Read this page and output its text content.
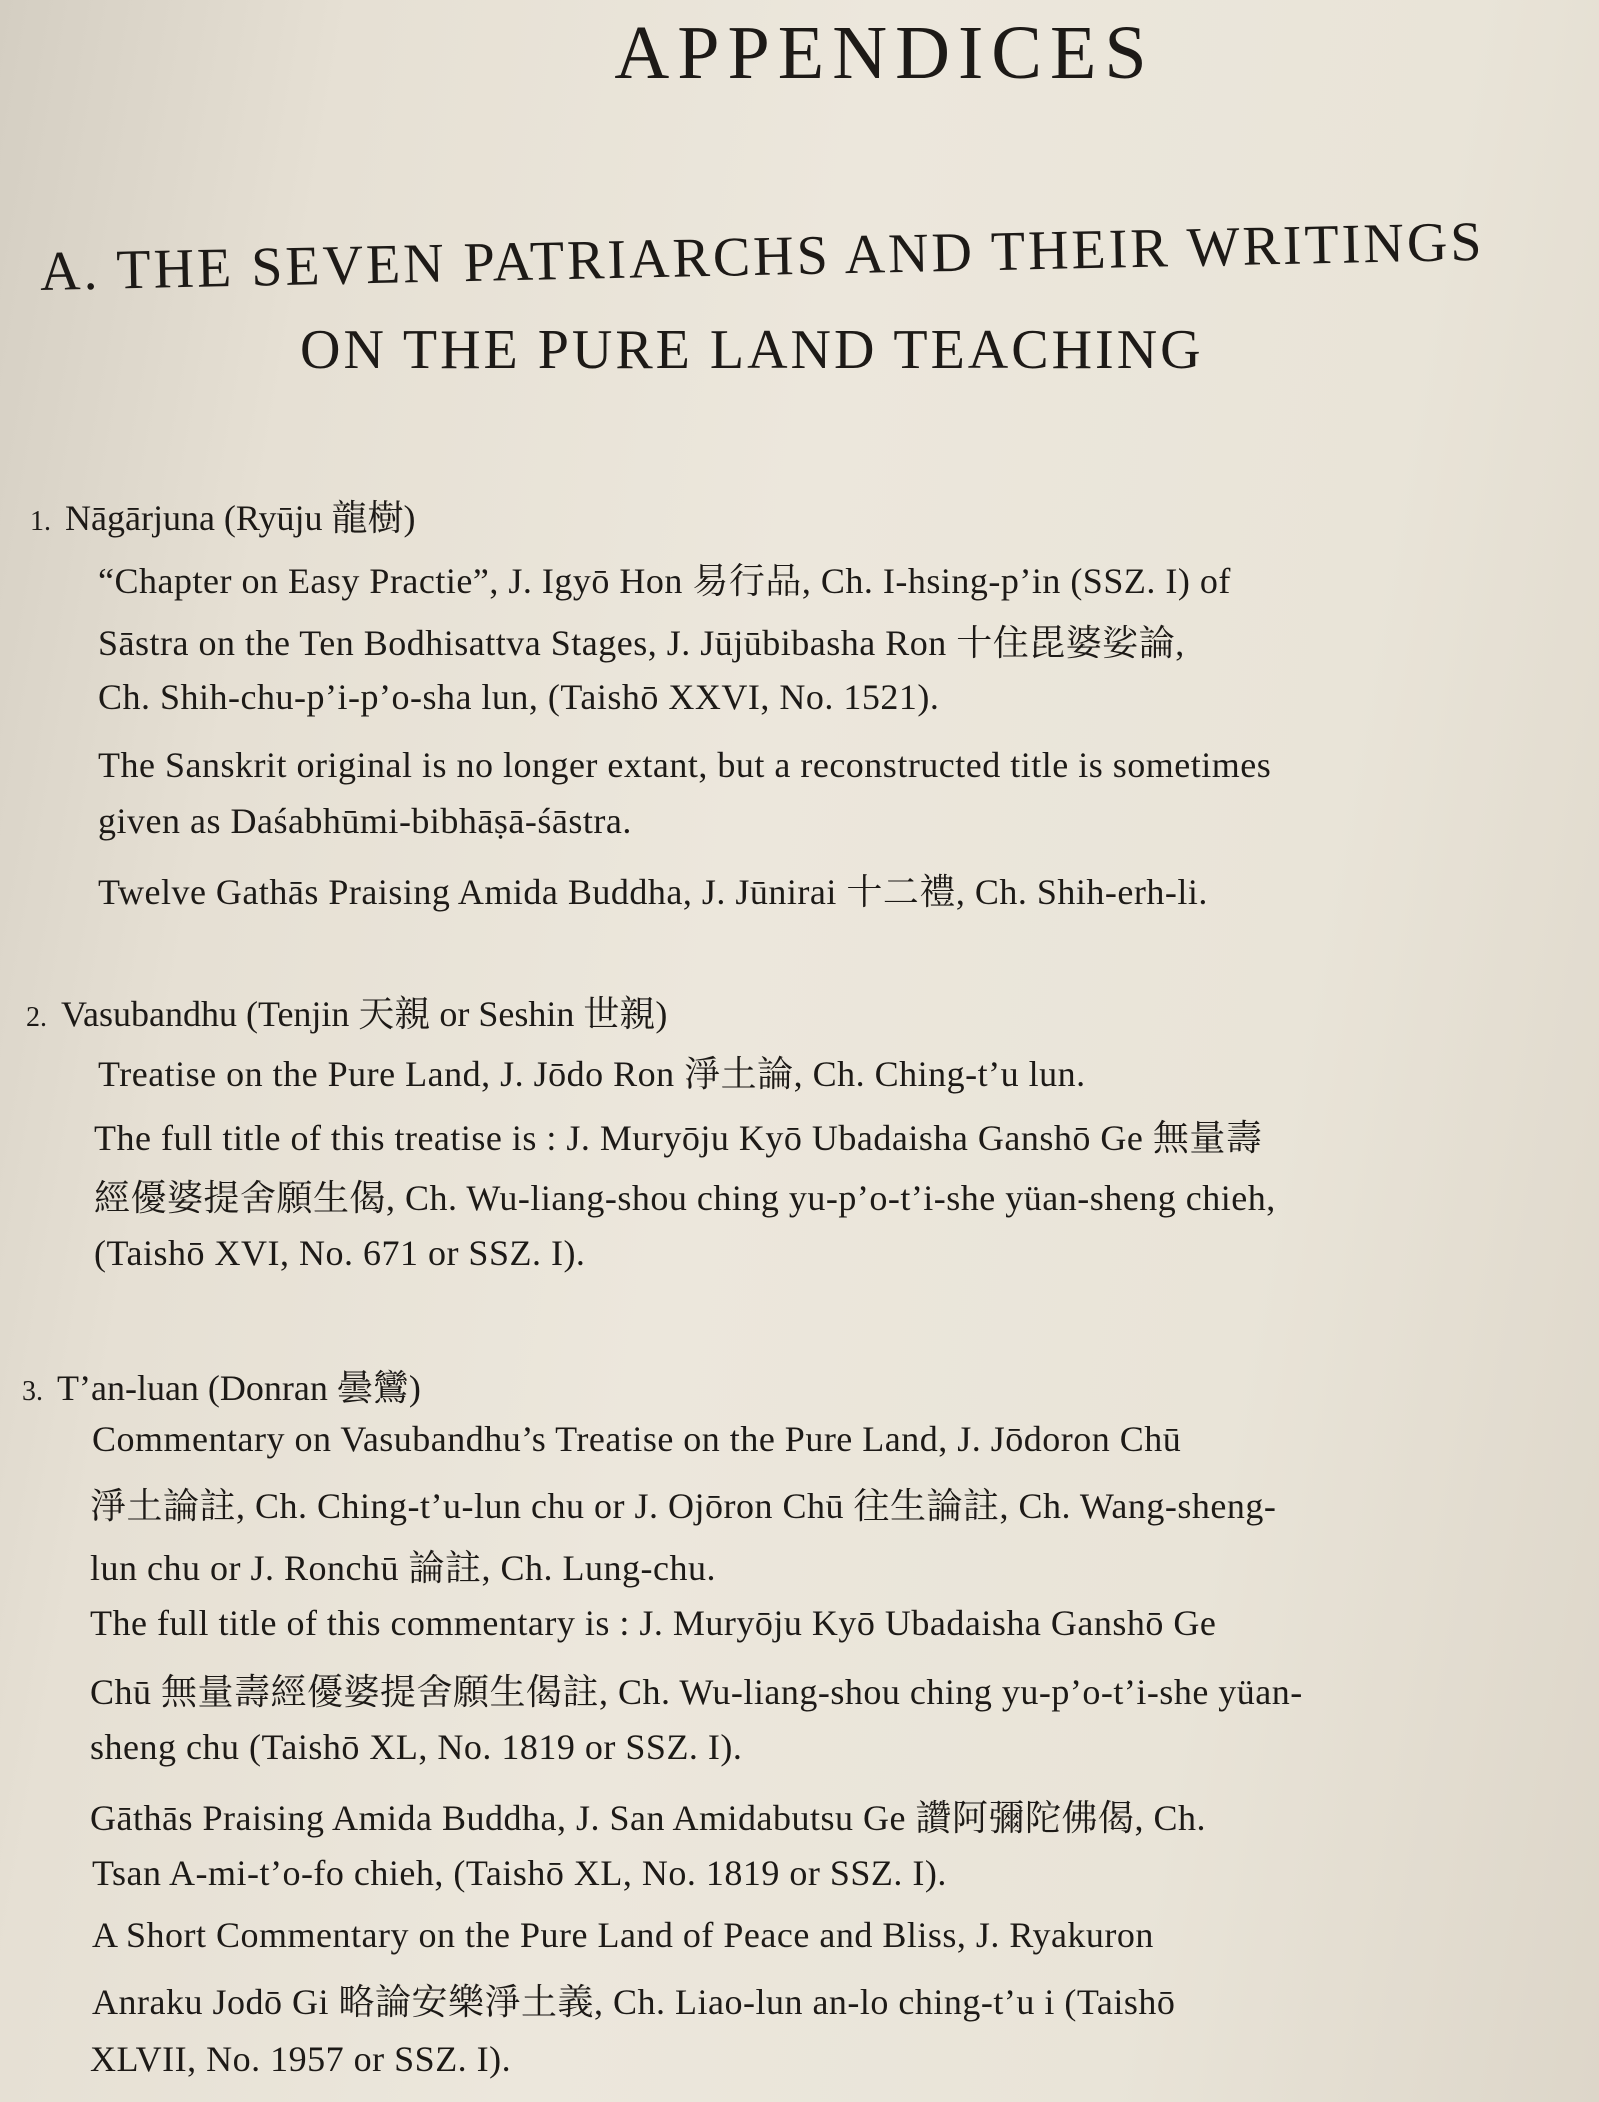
APPENDICES
A. THE SEVEN PATRIARCHS AND THEIR WRITINGS
ON THE PURE LAND TEACHING
1. Nāgārjuna (Ryūju 龍樹)
“Chapter on Easy Practie”, J. Igyō Hon 易行品, Ch. I-hsing-p’in (SSZ. I) of
Sāstra on the Ten Bodhisattva Stages, J. Jūjūbibasha Ron 十住毘婆娑論,
Ch. Shih-chu-p’i-p’o-sha lun, (Taishō XXVI, No. 1521).
The Sanskrit original is no longer extant, but a reconstructed title is sometimes
given as Daśabhūmi-bibhāṣā-śāstra.
Twelve Gathās Praising Amida Buddha, J. Jūnirai 十二禮, Ch. Shih-erh-li.
2. Vasubandhu (Tenjin 天親 or Seshin 世親)
Treatise on the Pure Land, J. Jōdo Ron 淨土論, Ch. Ching-t’u lun.
The full title of this treatise is : J. Muryōju Kyō Ubadaisha Ganshō Ge 無量壽
經優婆提舍願生偈, Ch. Wu-liang-shou ching yu-p’o-t’i-she yüan-sheng chieh,
(Taishō XVI, No. 671 or SSZ. I).
3. T’an-luan (Donran 曇鸞)
Commentary on Vasubandhu’s Treatise on the Pure Land, J. Jōdoron Chū
淨土論註, Ch. Ching-t’u-lun chu or J. Ojōron Chū 往生論註, Ch. Wang-sheng-
lun chu or J. Ronchū 論註, Ch. Lung-chu.
The full title of this commentary is : J. Muryōju Kyō Ubadaisha Ganshō Ge
Chū 無量壽經優婆提舍願生偈註, Ch. Wu-liang-shou ching yu-p’o-t’i-she yüan-
sheng chu (Taishō XL, No. 1819 or SSZ. I).
Gāthās Praising Amida Buddha, J. San Amidabutsu Ge 讚阿彌陀佛偈, Ch.
Tsan A-mi-t’o-fo chieh, (Taishō XL, No. 1819 or SSZ. I).
A Short Commentary on the Pure Land of Peace and Bliss, J. Ryakuron
Anraku Jodō Gi 略論安樂淨土義, Ch. Liao-lun an-lo ching-t’u i (Taishō
XLVII, No. 1957 or SSZ. I).
